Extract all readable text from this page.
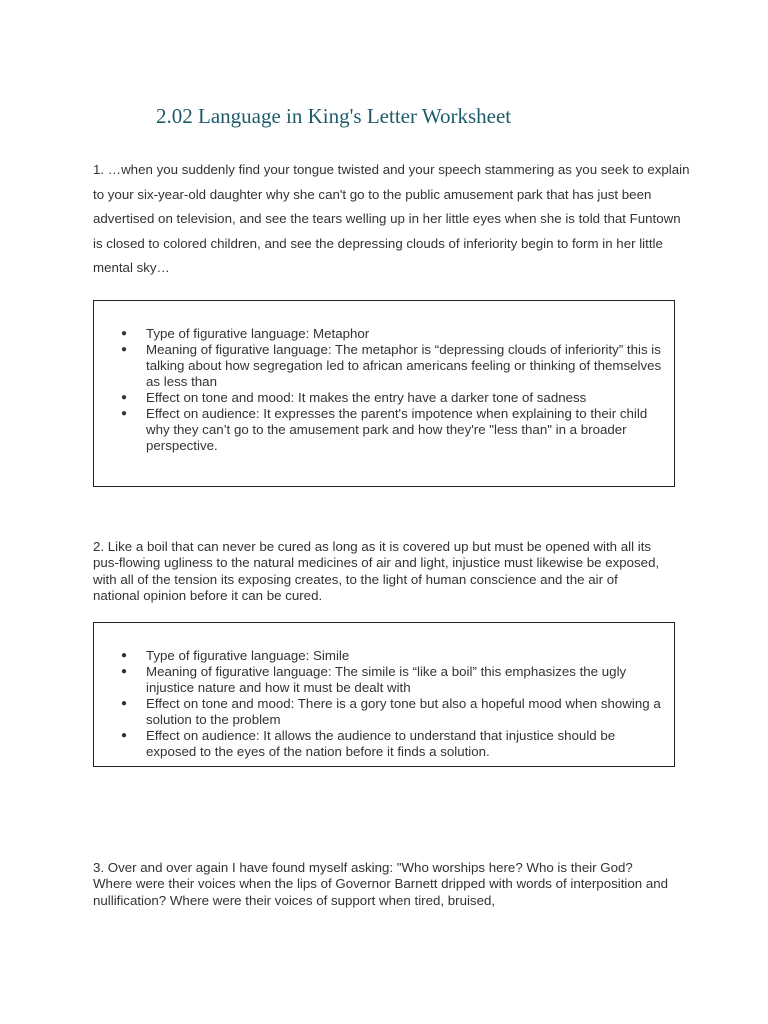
2.02 Language in King's Letter Worksheet

1. …when you suddenly find your tongue twisted and your speech stammering as you seek to explain to your six-year-old daughter why she can't go to the public amusement park that has just been advertised on television, and see the tears welling up in her little eyes when she is told that Funtown is closed to colored children, and see the depressing clouds of inferiority begin to form in her little mental sky…

● Type of figurative language: Metaphor
● Meaning of figurative language: The metaphor is “depressing clouds of inferiority” this is talking about how segregation led to african americans feeling or thinking of themselves as less than
● Effect on tone and mood: It makes the entry have a darker tone of sadness
● Effect on audience: It expresses the parent's impotence when explaining to their child why they can’t go to the amusement park and how they're "less than" in a broader perspective.

2. Like a boil that can never be cured as long as it is covered up but must be opened with all its pus-flowing ugliness to the natural medicines of air and light, injustice must likewise be exposed, with all of the tension its exposing creates, to the light of human conscience and the air of national opinion before it can be cured.

● Type of figurative language: Simile
● Meaning of figurative language: The simile is “like a boil” this emphasizes the ugly injustice nature and how it must be dealt with
● Effect on tone and mood: There is a gory tone but also a hopeful mood when showing a solution to the problem
● Effect on audience: It allows the audience to understand that injustice should be exposed to the eyes of the nation before it finds a solution.

3. Over and over again I have found myself asking: "Who worships here? Who is their God? Where were their voices when the lips of Governor Barnett dripped with words of interposition and nullification? Where were their voices of support when tired, bruised,
